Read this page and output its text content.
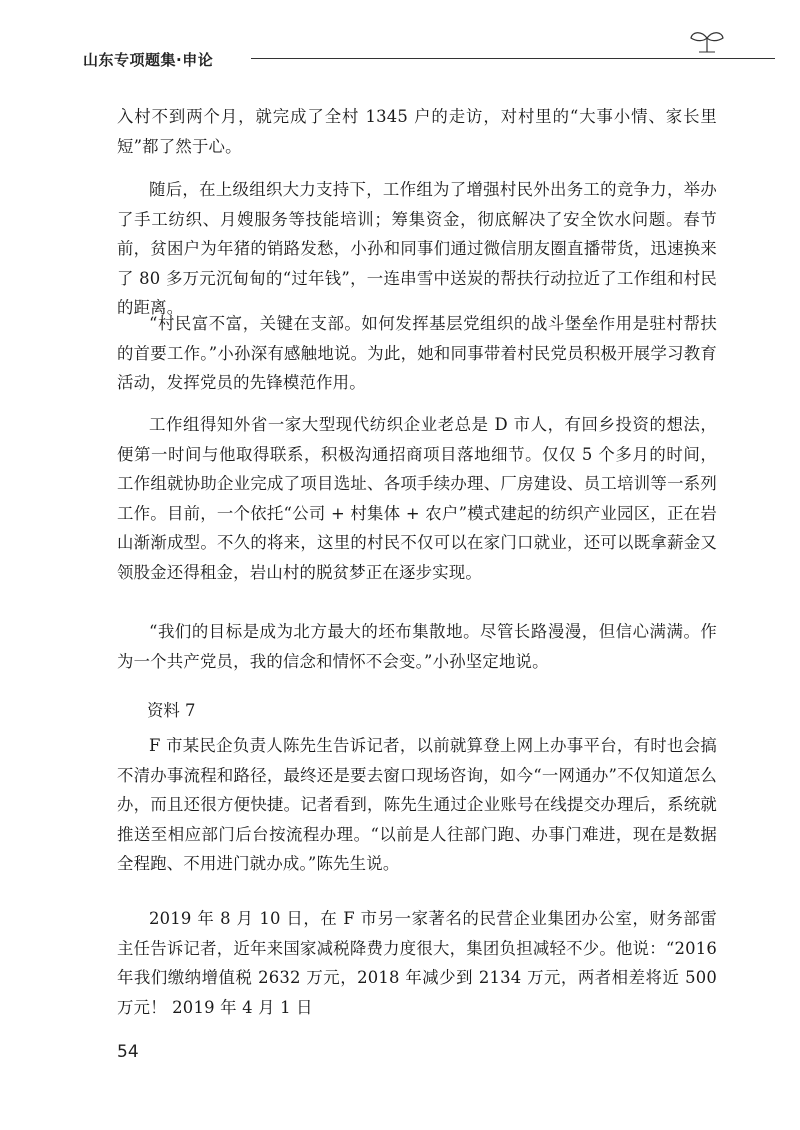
山东专项题集·申论

入村不到两个月，就完成了全村 1345 户的走访，对村里的“大事小情、家长里短”都了然于心。

随后，在上级组织大力支持下，工作组为了增强村民外出务工的竞争力，举办了手工纺织、月嫂服务等技能培训；筹集资金，彻底解决了安全饮水问题。春节前，贫困户为年猪的销路发愁，小孙和同事们通过微信朋友圈直播带货，迅速换来了 80 多万元沉甸甸的“过年钱”，一连串雪中送炭的帮扶行动拉近了工作组和村民的距离。

“村民富不富，关键在支部。如何发挥基层党组织的战斗堡垒作用是驻村帮扶的首要工作。”小孙深有感触地说。为此，她和同事带着村民党员积极开展学习教育活动，发挥党员的先锋模范作用。

工作组得知外省一家大型现代纺织企业老总是 D 市人，有回乡投资的想法，便第一时间与他取得联系，积极沟通招商项目落地细节。仅仅 5 个多月的时间，工作组就协助企业完成了项目选址、各项手续办理、厂房建设、员工培训等一系列工作。目前，一个依托“公司 + 村集体 + 农户”模式建起的纺织产业园区，正在岩山渐渐成型。不久的将来，这里的村民不仅可以在家门口就业，还可以既拿薪金又领股金还得租金，岩山村的脱贫梦正在逐步实现。

“我们的目标是成为北方最大的坯布集散地。尽管长路漫漫，但信心满满。作为一个共产党员，我的信念和情怀不会变。”小孙坚定地说。

资料 7

F 市某民企负责人陈先生告诉记者，以前就算登上网上办事平台，有时也会搞不清办事流程和路径，最终还是要去窗口现场咨询，如今“一网通办”不仅知道怎么办，而且还很方便快捷。记者看到，陈先生通过企业账号在线提交办理后，系统就推送至相应部门后台按流程办理。“以前是人往部门跑、办事门难进，现在是数据全程跑、不用进门就办成。”陈先生说。

2019 年 8 月 10 日，在 F 市另一家著名的民营企业集团办公室，财务部雷主任告诉记者，近年来国家减税降费力度很大，集团负担减轻不少。他说：“2016 年我们缴纳增值税 2632 万元，2018 年减少到 2134 万元，两者相差将近 500 万元！ 2019 年 4 月 1 日

54
